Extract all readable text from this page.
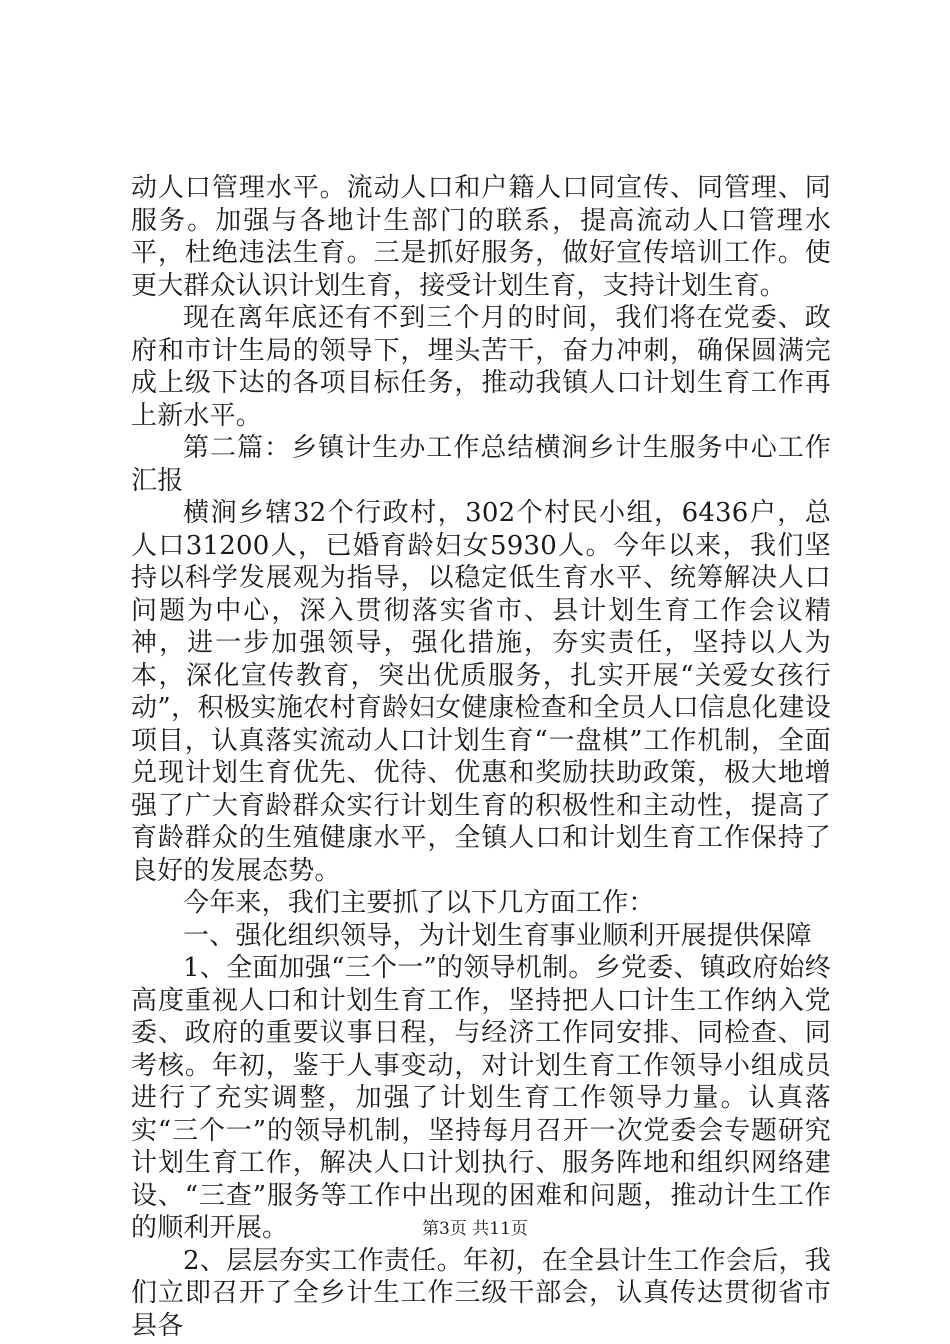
动人口管理水平。流动人口和户籍人口同宣传、同管理、同服务。加强与各地计生部门的联系，提高流动人口管理水平，杜绝违法生育。三是抓好服务，做好宣传培训工作。使更大群众认识计划生育，接受计划生育，支持计划生育。

现在离年底还有不到三个月的时间，我们将在党委、政府和市计生局的领导下，埋头苦干，奋力冲刺，确保圆满完成上级下达的各项目标任务，推动我镇人口计划生育工作再上新水平。

第二篇：乡镇计生办工作总结横涧乡计生服务中心工作汇报

横涧乡辖32个行政村，302个村民小组，6436户，总人口31200人，已婚育龄妇女5930人。今年以来，我们坚持以科学发展观为指导，以稳定低生育水平、统筹解决人口问题为中心，深入贯彻落实省市、县计划生育工作会议精神，进一步加强领导，强化措施，夯实责任，坚持以人为本，深化宣传教育，突出优质服务，扎实开展“关爱女孩行动”，积极实施农村育龄妇女健康检查和全员人口信息化建设项目，认真落实流动人口计划生育“一盘棋”工作机制，全面兑现计划生育优先、优待、优惠和奖励扶助政策，极大地增强了广大育龄群众实行计划生育的积极性和主动性，提高了育龄群众的生殖健康水平，全镇人口和计划生育工作保持了良好的发展态势。

今年来，我们主要抓了以下几方面工作：

一、强化组织领导，为计划生育事业顺利开展提供保障

1、全面加强“三个一”的领导机制。乡党委、镇政府始终高度重视人口和计划生育工作，坚持把人口计生工作纳入党委、政府的重要议事日程，与经济工作同安排、同检查、同考核。年初，鉴于人事变动，对计划生育工作领导小组成员进行了充实调整，加强了计划生育工作领导力量。认真落实“三个一”的领导机制，坚持每月召开一次党委会专题研究计划生育工作，解决人口计划执行、服务阵地和组织网络建设、“三查”服务等工作中出现的困难和问题，推动计生工作的顺利开展。

2、层层夯实工作责任。年初，在全县计生工作会后，我们立即召开了全乡计生工作三级干部会，认真传达贯彻省市县各

第3页 共11页
